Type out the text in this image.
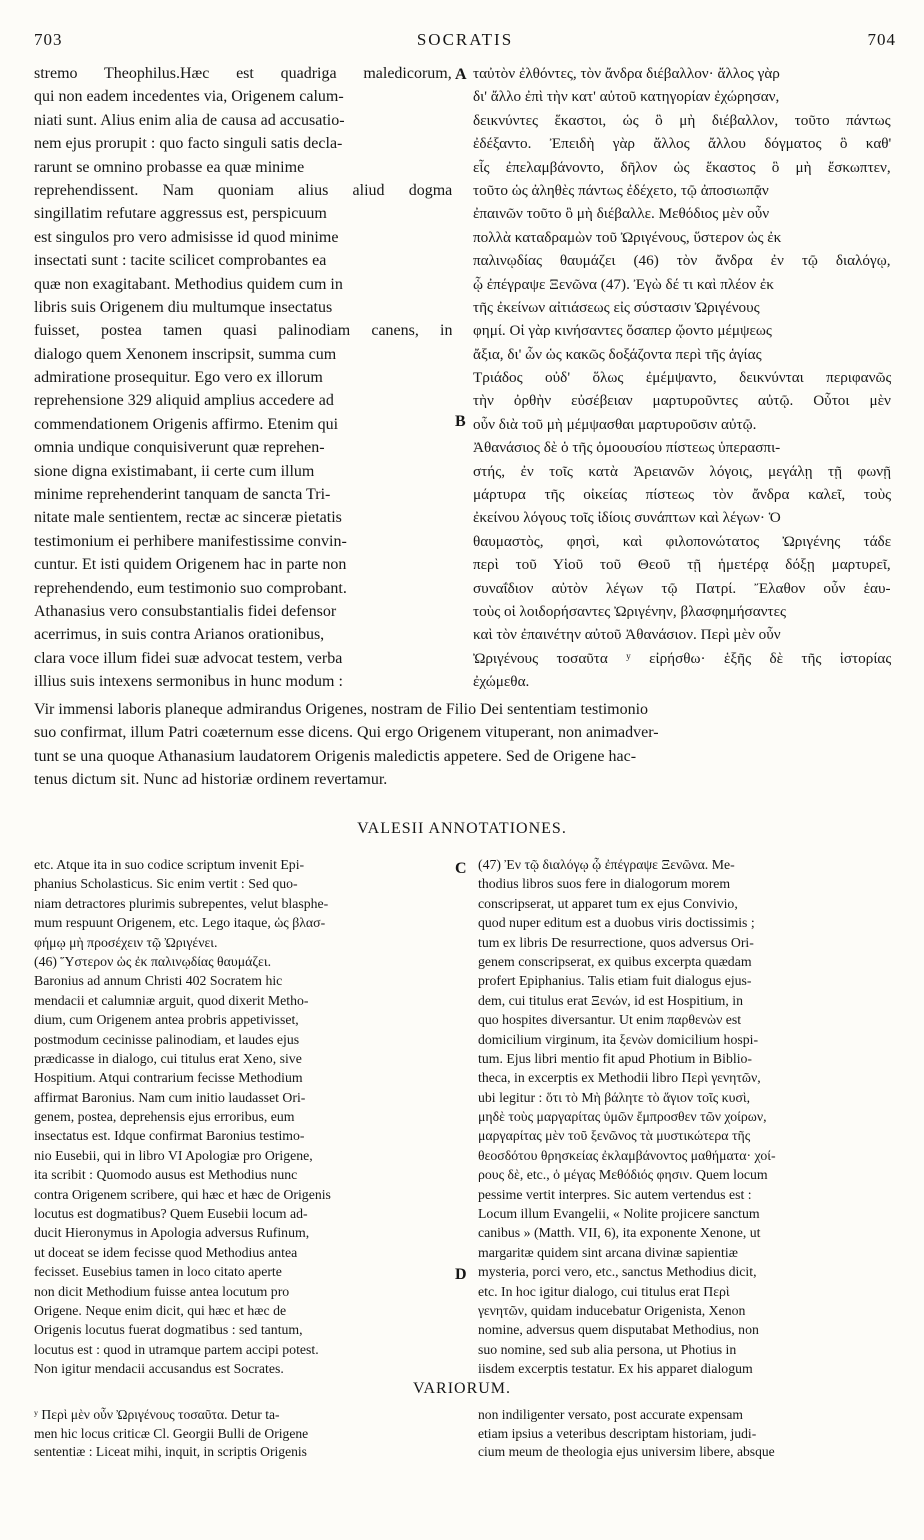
703	SOCRATIS	704
stremo Theophilus.Hæc est quadriga maledicorum,
qui non eadem incedentes via, Origenem calum-
niati sunt. Alius enim alia de causa ad accusatio-
nem ejus prorupit : quo facto singuli satis decla-
rarunt se omnino probasse ea quæ minime
reprehendissent. Nam quoniam alius aliud dogma
singillatim refutare aggressus est, perspicuum
est singulos pro vero admisisse id quod minime
insectati sunt : tacite scilicet comprobantes ea
quæ non exagitabant. Methodius quidem cum in
libris suis Origenem diu multumque insectatus
fuisset, postea tamen quasi palinodiam canens, in
dialogo quem Xenonem inscripsit, summa cum
admiratione prosequitur. Ego vero ex illorum
reprehensione 329 aliquid amplius accedere ad
commendationem Origenis affirmo. Etenim qui
omnia undique conquisiverunt quæ reprehen-
sione digna existimabant, ii certe cum illum
minime reprehenderint tanquam de sancta Tri-
nitate male sentientem, rectæ ac sinceræ pietatis
testimonium ei perhibere manifestissime convin-
cuntur. Et isti quidem Origenem hac in parte non
reprehendendo, eum testimonio suo comprobant.
Athanasius vero consubstantialis fidei defensor
acerrimus, in suis contra Arianos orationibus,
clara voce illum fidei suæ advocat testem, verba
illius suis intexens sermonibus in hunc modum :
ταὐτὸν ἐλθόντες, τὸν ἄνδρα διέβαλλον· ἄλλος γὰρ
δι' ἄλλο ἐπὶ τὴν κατ' αὐτοῦ κατηγορίαν ἐχώρησαν,
δεικνύντες ἕκαστοι, ὡς ὃ μὴ διέβαλλον, τοῦτο πάντως
ἐδέξαντο. Ἐπειδὴ γὰρ ἄλλος ἄλλου δόγματος ὃ καθ'
εἷς ἐπελαμβάνοντο, δῆλον ὡς ἕκαστος ὃ μὴ ἔσκωπτεν,
τοῦτο ὡς ἀληθὲς πάντως ἐδέχετο, τῷ ἀποσιωπᾷν
ἐπαινῶν τοῦτο ὃ μὴ διέβαλλε. Μεθόδιος μὲν οὖν
πολλὰ καταδραμὼν τοῦ Ὠριγένους, ὕστερον ὡς ἐκ
παλινῳδίας θαυμάζει (46) τὸν ἄνδρα ἐν τῷ διαλόγῳ,
ᾧ ἐπέγραψε Ξενῶνα (47). Ἐγὼ δέ τι καὶ πλέον ἐκ
τῆς ἐκείνων αἰτιάσεως εἰς σύστασιν Ὠριγένους
φημί. Οἱ γὰρ κινήσαντες ὅσαπερ ᾤοντο μέμψεως
ἄξια, δι' ὧν ὡς κακῶς δοξάζοντα περὶ τῆς ἁγίας
Τριάδος οὐδ' ὅλως ἐμέμψαντο, δεικνύνται περιφανῶς
τὴν ὀρθὴν εὐσέβειαν μαρτυροῦντες αὐτῷ. Οὗτοι μὲν
οὖν διὰ τοῦ μὴ μέμψασθαι μαρτυροῦσιν αὐτῷ.
Ἀθανάσιος δὲ ὁ τῆς ὁμοουσίου πίστεως ὑπερασπι-
στής, ἐν τοῖς κατὰ Ἀρειανῶν λόγοις, μεγάλῃ τῇ φωνῇ
μάρτυρα τῆς οἰκείας πίστεως τὸν ἄνδρα καλεῖ, τοὺς
ἐκείνου λόγους τοῖς ἰδίοις συνάπτων καὶ λέγων· Ὁ
θαυμαστὸς, φησὶ, καὶ φιλοπονώτατος Ὠριγένης τάδε
περὶ τοῦ Υἱοῦ τοῦ Θεοῦ τῇ ἡμετέρᾳ δόξῃ μαρτυρεῖ,
συναΐδιον αὐτὸν λέγων τῷ Πατρί. Ἔλαθον οὖν ἑαυ-
τοὺς οἱ λοιδορήσαντες Ὠριγένην, βλασφημήσαντες
καὶ τὸν ἐπαινέτην αὐτοῦ Ἀθανάσιον. Περὶ μὲν οὖν
Ὠριγένους τοσαῦτα ʸ εἰρήσθω· ἑξῆς δὲ τῆς ἱστορίας
ἐχώμεθα.
A
B
Vir immensi laboris planeque admirandus Origenes, nostram de Filio Dei sententiam testimonio
suo confirmat, illum Patri coæternum esse dicens. Qui ergo Origenem vituperant, non animadver-
tunt se una quoque Athanasium laudatorem Origenis maledictis appetere. Sed de Origene hac-
tenus dictum sit. Nunc ad historiæ ordinem revertamur.
VALESII ANNOTATIONES.
etc. Atque ita in suo codice scriptum invenit Epi-
phanius Scholasticus. Sic enim vertit : Sed quo-
niam detractores plurimis subrepentes, velut blasphe-
mum respuunt Origenem, etc. Lego itaque, ὡς βλασ-
φήμῳ μὴ προσέχειν τῷ Ὠριγένει.
(46) Ὕστερον ὡς ἐκ παλινῳδίας θαυμάζει.
Baronius ad annum Christi 402 Socratem hic
mendacii et calumniæ arguit, quod dixerit Metho-
dium, cum Origenem antea probris appetivisset,
postmodum cecinisse palinodiam, et laudes ejus
prædicasse in dialogo, cui titulus erat Xeno, sive
Hospitium. Atqui contrarium fecisse Methodium
affirmat Baronius. Nam cum initio laudasset Ori-
genem, postea, deprehensis ejus erroribus, eum
insectatus est. Idque confirmat Baronius testimo-
nio Eusebii, qui in libro VI Apologiæ pro Origene,
ita scribit : Quomodo ausus est Methodius nunc
contra Origenem scribere, qui hæc et hæc de Origenis
locutus est dogmatibus? Quem Eusebii locum ad-
ducit Hieronymus in Apologia adversus Rufinum,
ut doceat se idem fecisse quod Methodius antea
fecisset. Eusebius tamen in loco citato aperte
non dicit Methodium fuisse antea locutum pro
Origene. Neque enim dicit, qui hæc et hæc de
Origenis locutus fuerat dogmatibus : sed tantum,
locutus est : quod in utramque partem accipi potest.
Non igitur mendacii accusandus est Socrates.
(47) Ἐν τῷ διαλόγῳ ᾧ ἐπέγραψε Ξενῶνα. Me-
thodius libros suos fere in dialogorum morem
conscripserat, ut apparet tum ex ejus Convivio,
quod nuper editum est a duobus viris doctissimis ;
tum ex libris De resurrectione, quos adversus Ori-
genem conscripserat, ex quibus excerpta quædam
profert Epiphanius. Talis etiam fuit dialogus ejus-
dem, cui titulus erat Ξενών, id est Hospitium, in
quo hospites diversantur. Ut enim παρθενὼν est
domicilium virginum, ita ξενὼν domicilium hospi-
tum. Ejus libri mentio fit apud Photium in Biblio-
theca, in excerptis ex Methodii libro Περὶ γενητῶν,
ubi legitur : ὅτι τὸ Μὴ βάλητε τὸ ἅγιον τοῖς κυσὶ,
μηδὲ τοὺς μαργαρίτας ὑμῶν ἔμπροσθεν τῶν χοίρων,
μαργαρίτας μὲν τοῦ ξενῶνος τὰ μυστικώτερα τῆς
θεοσδότου θρησκείας ἐκλαμβάνοντος μαθήματα· χοί-
ρους δὲ, etc., ὁ μέγας Μεθόδιός φησιν. Quem locum
pessime vertit interpres. Sic autem vertendus est :
Locum illum Evangelii, « Nolite projicere sanctum
canibus » (Matth. VII, 6), ita exponente Xenone, ut
margaritæ quidem sint arcana divinæ sapientiæ
mysteria, porci vero, etc., sanctus Methodius dicit,
etc. In hoc igitur dialogo, cui titulus erat Περὶ
γενητῶν, quidam inducebatur Origenista, Xenon
nomine, adversus quem disputabat Methodius, non
suo nomine, sed sub alia persona, ut Photius in
iisdem excerptis testatur. Ex his apparet dialogum
C
D
VARIORUM.
ʸ Περὶ μὲν οὖν Ὠριγένους τοσαῦτα. Detur ta-
men hic locus criticæ Cl. Georgii Bulli de Origene
sententiæ : Liceat mihi, inquit, in scriptis Origenis
non indiligenter versato, post accurate expensam
etiam ipsius a veteribus descriptam historiam, judi-
cium meum de theologia ejus universim libere, absque
